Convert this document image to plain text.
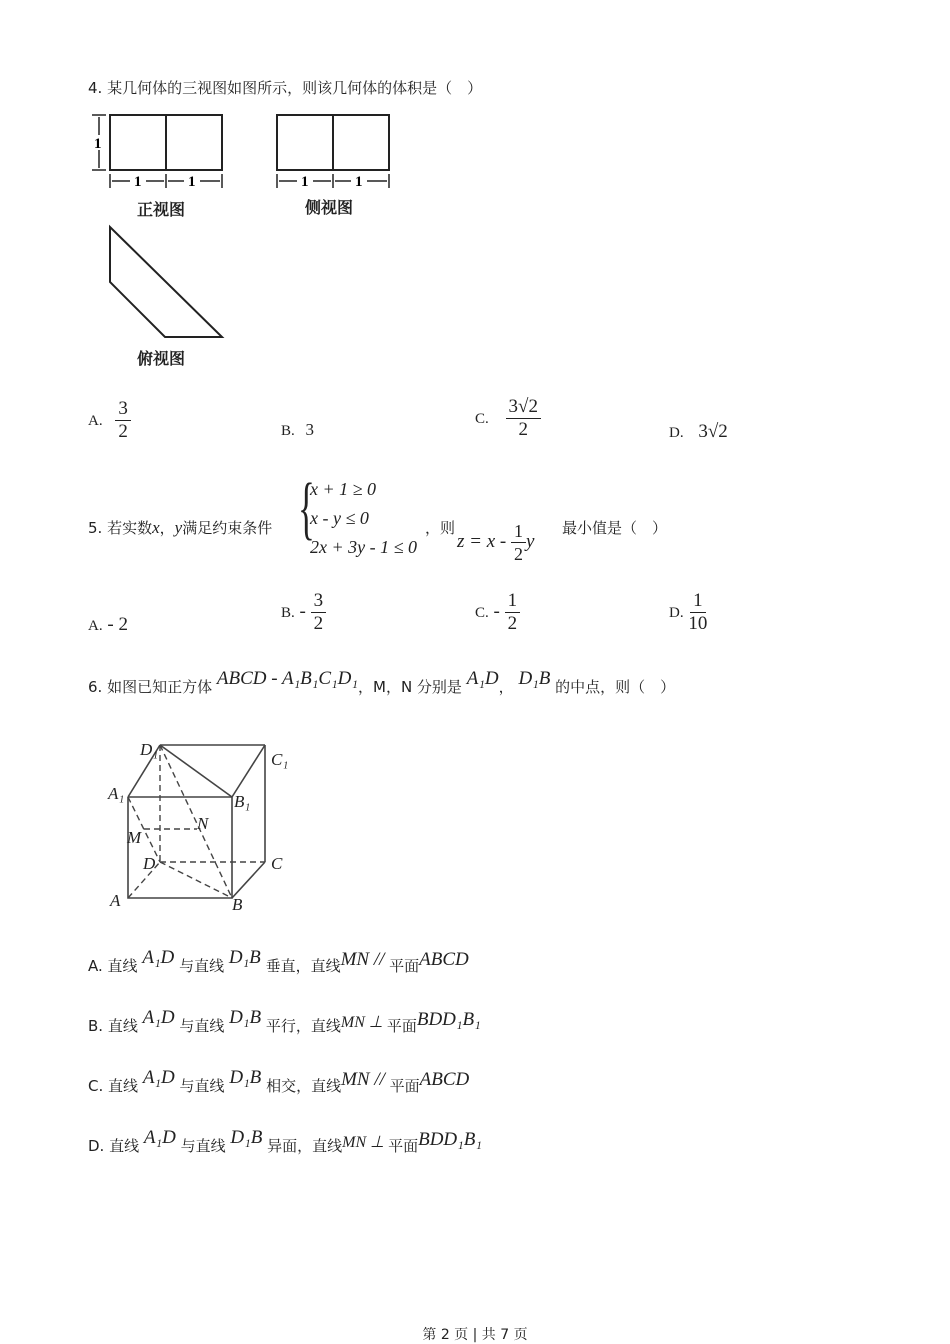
4. 某几何体的三视图如图所示，则该几何体的体积是（　）
1
1	1	1	1
正视图	侧视图
俯视图
A. $\frac{3}{2}$	B. 3
C. $\frac{3√2}{2}$	D. 3√2
5. 若实数x，y满足约束条件 {
x + 1 ≥ 0
x - y ≤ 0
2x + 3y - 1 ≤ 0
，则
$z = x - \frac{1}{2}$ y
最小值是（　）
A. - 2
B. - $\frac{3}{2}$	C. - $\frac{1}{2}$	D. $\frac{1}{10}$
6. 如图已知正方体 ABCD - A₁B₁C₁D₁，M，N 分别是 A₁D， D₁B 的中点，则（　）
D₁
C₁
A₁	B₁
M
N
D	C
A	B
A. 直线 A₁D 与直线 D₁B 垂直，直线MN // 平面ABCD
B. 直线 A₁D 与直线 D₁B 平行，直线MN ⊥ 平面BDD₁B₁
C. 直线 A₁D 与直线 D₁B 相交，直线MN // 平面ABCD
D. 直线 A₁D 与直线 D₁B 异面，直线MN ⊥ 平面BDD₁B₁
第 2 页 | 共 7 页
